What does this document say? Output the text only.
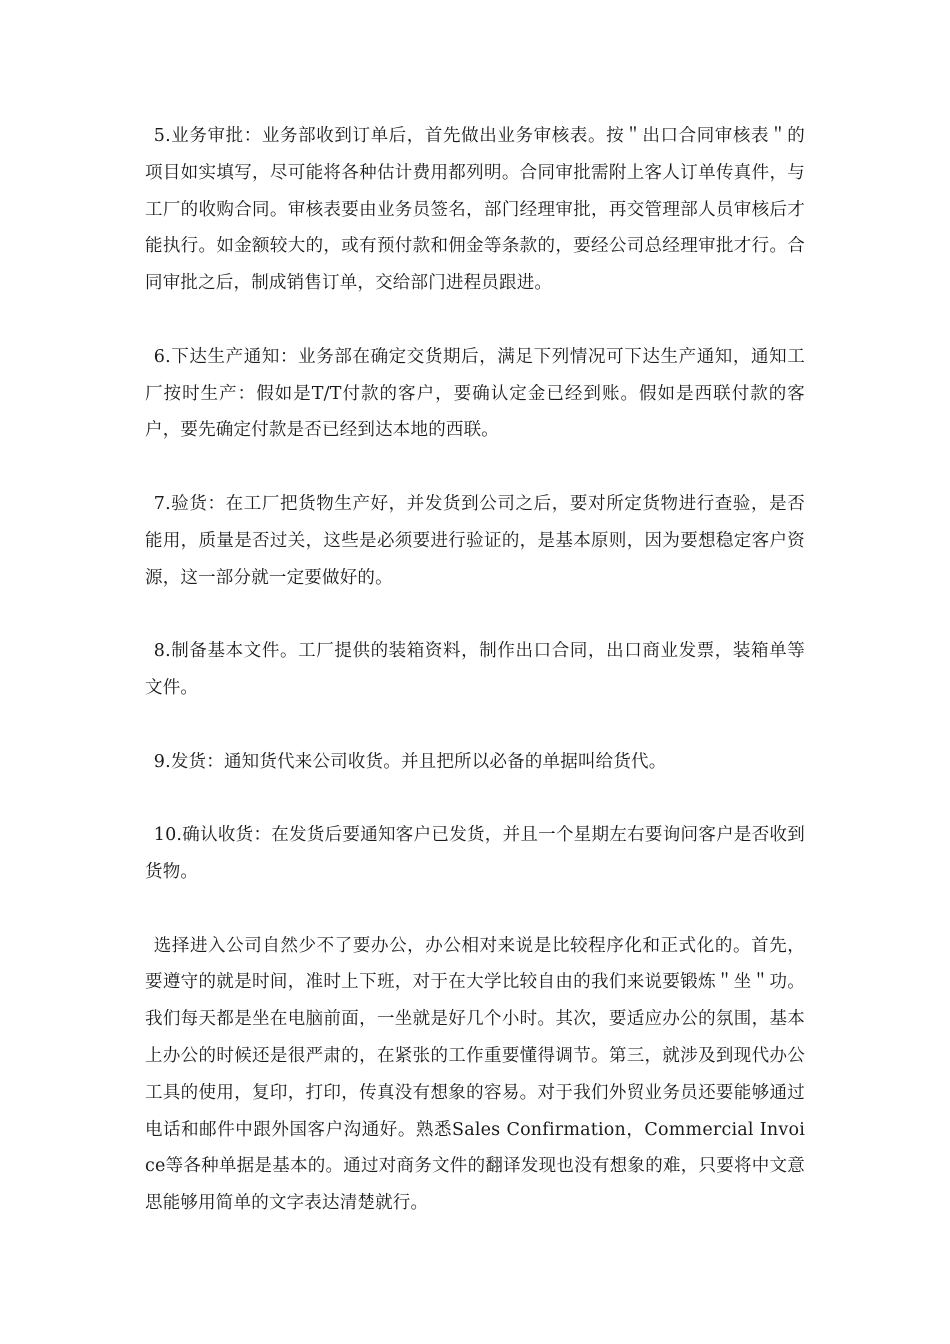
5.业务审批：业务部收到订单后，首先做出业务审核表。按＂出口合同审核表＂的项目如实填写，尽可能将各种估计费用都列明。合同审批需附上客人订单传真件，与工厂的收购合同。审核表要由业务员签名，部门经理审批，再交管理部人员审核后才能执行。如金额较大的，或有预付款和佣金等条款的，要经公司总经理审批才行。合同审批之后，制成销售订单，交给部门进程员跟进。

6.下达生产通知：业务部在确定交货期后，满足下列情况可下达生产通知，通知工厂按时生产：假如是T/T付款的客户，要确认定金已经到账。假如是西联付款的客户，要先确定付款是否已经到达本地的西联。

7.验货：在工厂把货物生产好，并发货到公司之后，要对所定货物进行查验，是否能用，质量是否过关，这些是必须要进行验证的，是基本原则，因为要想稳定客户资源，这一部分就一定要做好的。

8.制备基本文件。工厂提供的装箱资料，制作出口合同，出口商业发票，装箱单等文件。

9.发货：通知货代来公司收货。并且把所以必备的单据叫给货代。

10.确认收货：在发货后要通知客户已发货，并且一个星期左右要询问客户是否收到货物。

选择进入公司自然少不了要办公，办公相对来说是比较程序化和正式化的。首先，要遵守的就是时间，准时上下班，对于在大学比较自由的我们来说要锻炼＂坐＂功。我们每天都是坐在电脑前面，一坐就是好几个小时。其次，要适应办公的氛围，基本上办公的时候还是很严肃的，在紧张的工作重要懂得调节。第三，就涉及到现代办公工具的使用，复印，打印，传真没有想象的容易。对于我们外贸业务员还要能够通过电话和邮件中跟外国客户沟通好。熟悉Sales Confirmation，Commercial Invoice等各种单据是基本的。通过对商务文件的翻译发现也没有想象的难，只要将中文意思能够用简单的文字表达清楚就行。
